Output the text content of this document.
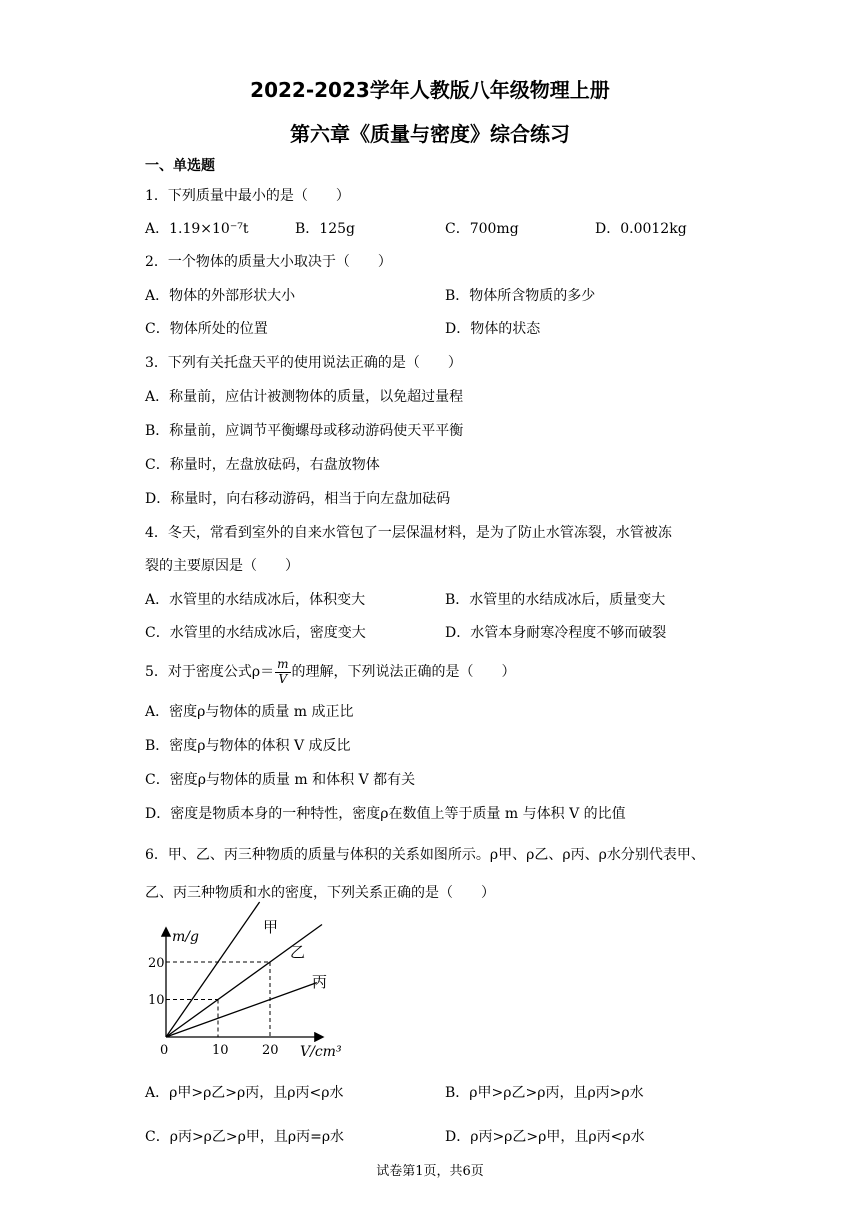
2022-2023学年人教版八年级物理上册
第六章《质量与密度》综合练习
一、单选题
1．下列质量中最小的是（　　）
A．1.19×10⁻⁷t	B．125g	C．700mg	D．0.0012kg
2．一个物体的质量大小取决于（　　）
A．物体的外部形状大小	B．物体所含物质的多少
C．物体所处的位置	D．物体的状态
3．下列有关托盘天平的使用说法正确的是（　　）
A．称量前，应估计被测物体的质量，以免超过量程
B．称量前，应调节平衡螺母或移动游码使天平平衡
C．称量时，左盘放砝码，右盘放物体
D．称量时，向右移动游码，相当于向左盘加砝码
4．冬天，常看到室外的自来水管包了一层保温材料，是为了防止水管冻裂，水管被冻
裂的主要原因是（　　）
A．水管里的水结成冰后，体积变大	B．水管里的水结成冰后，质量变大
C．水管里的水结成冰后，密度变大	D．水管本身耐寒冷程度不够而破裂
5．对于密度公式$\rho= \frac{m}{V}$ 的理解，下列说法正确的是（　　）
A．密度ρ与物体的质量 m 成正比
B．密度ρ与物体的体积 V 成反比
C．密度ρ与物体的质量 m 和体积 V 都有关
D．密度是物质本身的一种特性，密度ρ在数值上等于质量 m 与体积 V 的比值
6．甲、乙、丙三种物质的质量与体积的关系如图所示。ρ甲、ρ乙、ρ丙、ρ水分别代表甲、
乙、丙三种物质和水的密度，下列关系正确的是（　　）
m/g
V/cm³
0	10	20
10
20
甲
乙
丙
A．ρ甲>ρ乙>ρ丙，且ρ丙<ρ水	B．ρ甲>ρ乙>ρ丙，且ρ丙>ρ水
C．ρ丙>ρ乙>ρ甲，且ρ丙=ρ水	D．ρ丙>ρ乙>ρ甲，且ρ丙<ρ水
试卷第1页，共6页
